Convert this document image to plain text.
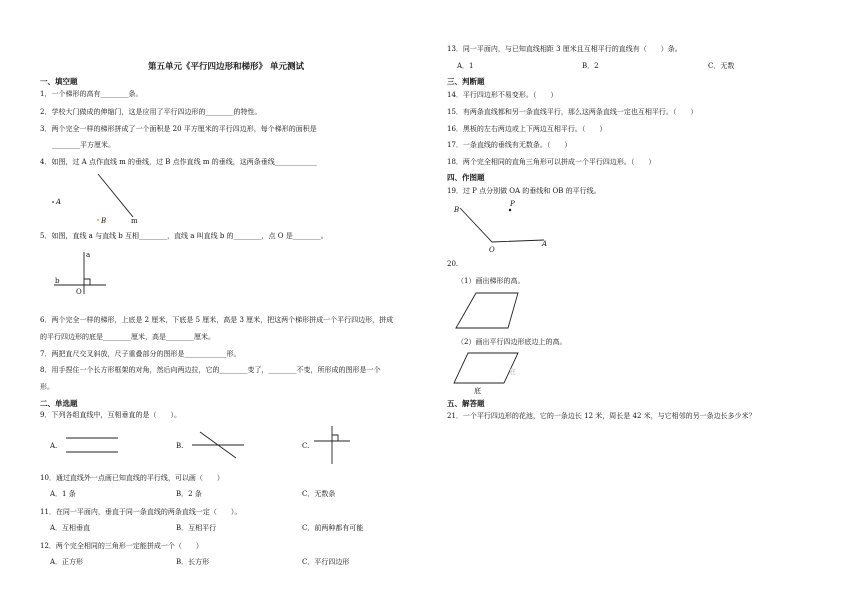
第五单元《平行四边形和梯形》 单元测试
一、填空题
1．一个梯形的高有________条。
2．学校大门做成的伸缩门，这是应用了平行四边形的________的特性。
3．两个完全一样的梯形拼成了一个面积是 20 平方厘米的平行四边形，每个梯形的面积是
________平方厘米。
4．如图，过 A 点作直线 m 的垂线，过 B 点作直线 m 的垂线，这两条垂线____________
A
B	m
5．如图，直线 a 与直线 b 互相________，直线 a 叫直线 b 的________，点 O 是________。
a
b
O
6．两个完全一样的梯形，上底是 2 厘米，下底是 5 厘米，高是 3 厘米，把这两个梯形拼成一个平行四边形，拼成
的平行四边形的底是________厘米，高是________厘米。
7．两把直尺交叉斜放，尺子重叠部分的图形是____________形。
8．用手捏住一个长方形框架的对角，然后向两边拉，它的________变了，________不变，所形成的图形是一个
形。
二、单选题
9．下列各组直线中，互相垂直的是（　　）。
A.	B.	C.
10．通过直线外一点画已知直线的平行线，可以画（　　）
A．1 条	B．2 条	C．无数条
11．在同一平面内，垂直于同一条直线的两条直线一定（　　）。
A．互相垂直	B．互相平行	C．前两种都有可能
12．两个完全相同的三角形一定能拼成一个（　　）
A．正方形	B．长方形	C．平行四边形
13．同一平面内，与已知直线相距 3 厘米且互相平行的直线有（　　）条。
A．1	B．2	C．无数
三、判断题
14．平行四边形不易变形。（　　）
15．有两条直线都和另一条直线平行，那么这两条直线一定也互相平行。（　　）
16．黑板的左右两边或上下两边互相平行。（　　）
17．一条直线的垂线有无数条。（　　）
18．两个完全相同的直角三角形可以拼成一个平行四边形。（　　）
四、作图题
19．过 P 点分别做 OA 的垂线和 OB 的平行线。
B
P
O
A
20.
（1）画出梯形的高。
（2）画出平行四边形底边上的高。
底
底
五、解答题
21．一个平行四边形的花池，它的一条边长 12 米，周长是 42 米，与它相邻的另一条边长多少米？
